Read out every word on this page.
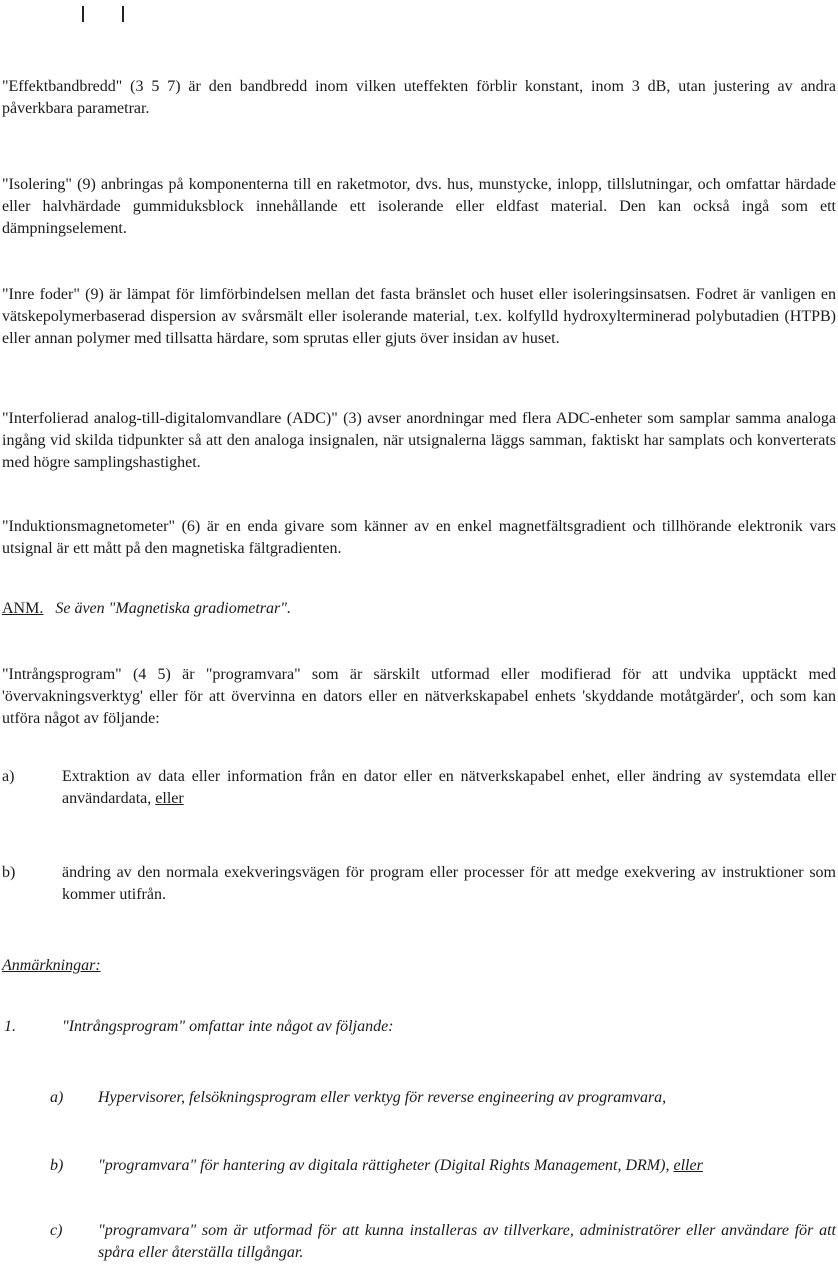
"Effektbandbredd" (3 5 7) är den bandbredd inom vilken uteffekten förblir konstant, inom 3 dB, utan justering av andra påverkbara parametrar.

"Isolering" (9) anbringas på komponenterna till en raketmotor, dvs. hus, munstycke, inlopp, tillslutningar, och omfattar härdade eller halvhärdade gummiduksblock innehållande ett isolerande eller eldfast material. Den kan också ingå som ett dämpningselement.

"Inre foder" (9) är lämpat för limförbindelsen mellan det fasta bränslet och huset eller isoleringsinsatsen. Fodret är vanligen en vätskepolymerbaserad dispersion av svårsmält eller isolerande material, t.ex. kolfylld hydroxylterminerad polybutadien (HTPB) eller annan polymer med tillsatta härdare, som sprutas eller gjuts över insidan av huset.

"Interfolierad analog-till-digitalomvandlare (ADC)" (3) avser anordningar med flera ADC-enheter som samplar samma analoga ingång vid skilda tidpunkter så att den analoga insignalen, när utsignalerna läggs samman, faktiskt har samplats och konverterats med högre samplingshastighet.

"Induktionsmagnetometer" (6) är en enda givare som känner av en enkel magnetfältsgradient och tillhörande elektronik vars utsignal är ett mått på den magnetiska fältgradienten.

ANM. Se även "Magnetiska gradiometrar".

"Intrångsprogram" (4 5) är "programvara" som är särskilt utformad eller modifierad för att undvika upptäckt med 'övervakningsverktyg' eller för att övervinna en dators eller en nätverkskapabel enhets 'skyddande motåtgärder', och som kan utföra något av följande:

a)	Extraktion av data eller information från en dator eller en nätverkskapabel enhet, eller ändring av systemdata eller användardata, eller
b)	ändring av den normala exekveringsvägen för program eller processer för att medge exekvering av instruktioner som kommer utifrån.

Anmärkningar:

1.	"Intrångsprogram" omfattar inte något av följande:
a)	Hypervisorer, felsökningsprogram eller verktyg för reverse engineering av programvara,
b)	"programvara" för hantering av digitala rättigheter (Digital Rights Management, DRM), eller
c)	"programvara" som är utformad för att kunna installeras av tillverkare, administratörer eller användare för att spåra eller återställa tillgångar.
